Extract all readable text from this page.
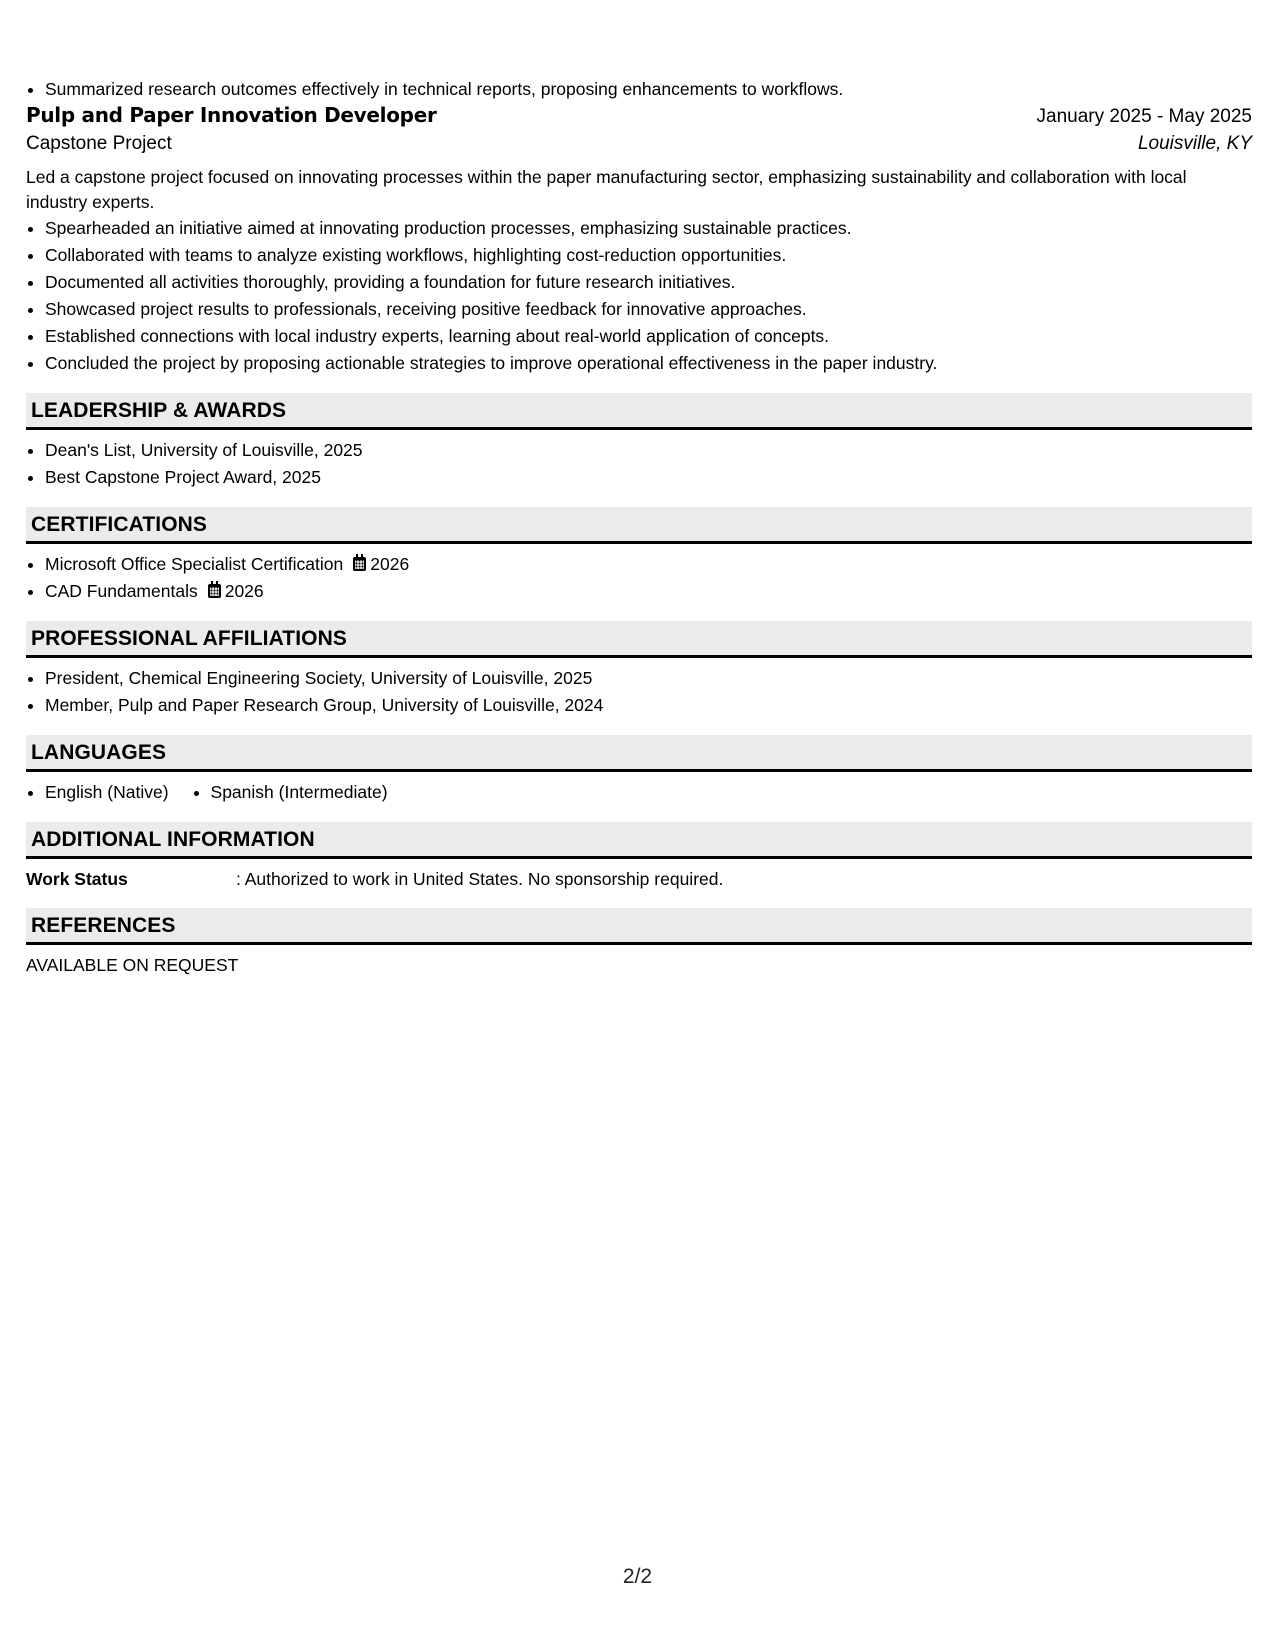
• Summarized research outcomes effectively in technical reports, proposing enhancements to workflows.
Pulp and Paper Innovation Developer	January 2025 - May 2025
Capstone Project	Louisville, KY

Led a capstone project focused on innovating processes within the paper manufacturing sector, emphasizing sustainability and collaboration with local industry experts.

• Spearheaded an initiative aimed at innovating production processes, emphasizing sustainable practices.
• Collaborated with teams to analyze existing workflows, highlighting cost-reduction opportunities.
• Documented all activities thoroughly, providing a foundation for future research initiatives.
• Showcased project results to professionals, receiving positive feedback for innovative approaches.
• Established connections with local industry experts, learning about real-world application of concepts.
• Concluded the project by proposing actionable strategies to improve operational effectiveness in the paper industry.
LEADERSHIP & AWARDS
• Dean's List, University of Louisville, 2025
• Best Capstone Project Award, 2025
CERTIFICATIONS
• Microsoft Office Specialist Certification 2026
• CAD Fundamentals 2026
PROFESSIONAL AFFILIATIONS
• President, Chemical Engineering Society, University of Louisville, 2025
• Member, Pulp and Paper Research Group, University of Louisville, 2024
LANGUAGES
• English (Native)
• Spanish (Intermediate)
ADDITIONAL INFORMATION
Work Status	: Authorized to work in United States. No sponsorship required.
REFERENCES
AVAILABLE ON REQUEST
2/2
